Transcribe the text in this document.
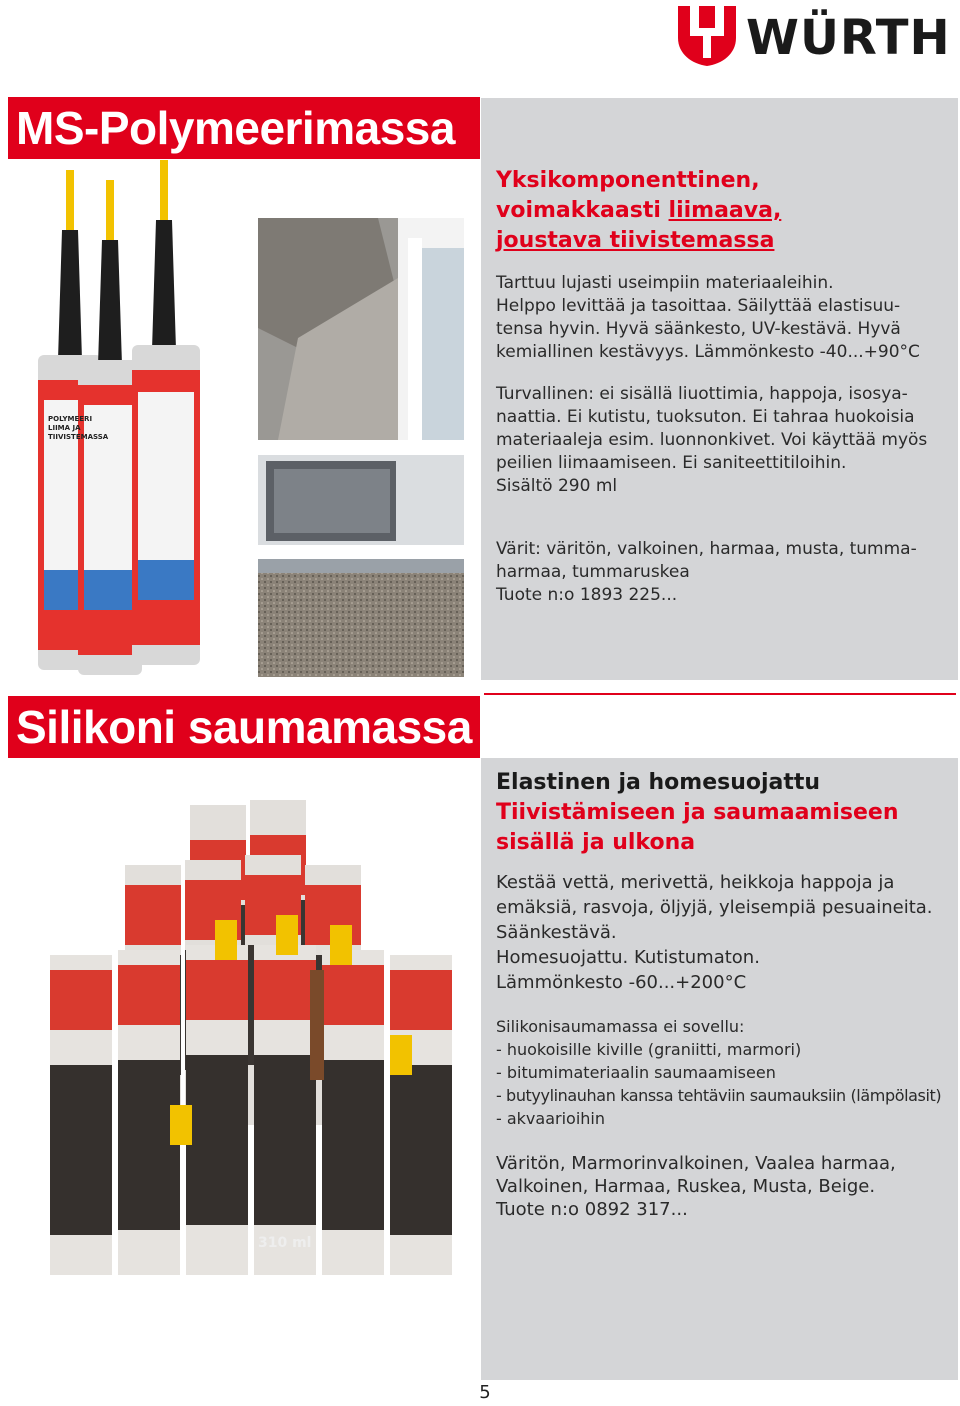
WÜRTH
MS-Polymeerimassa
POLYMEERI
LIIMA JA
TIIVISTEMASSA
Yksikomponenttinen,
voimakkaasti liimaava,
joustava tiivistemassa

Tarttuu lujasti useimpiin materiaaleihin.

Helppo levittää ja tasoittaa. Säilyttää elastisuu-

tensa hyvin. Hyvä säänkesto, UV-kestävä. Hyvä

kemiallinen kestävyys. Lämmönkesto -40...+90°C

Turvallinen: ei sisällä liuottimia, happoja, isosya-

naattia. Ei kutistu, tuoksuton. Ei tahraa huokoisia

materiaaleja esim. luonnonkivet. Voi käyttää myös

peilien liimaamiseen. Ei saniteettitiloihin.

Sisältö 290 ml

Värit: väritön, valkoinen, harmaa, musta, tumma-

harmaa, tummaruskea

Tuote n:o 1893 225...

Silikoni saumamassa
310 ml
Elastinen ja homesuojattu
Tiivistämiseen ja saumaamiseen
sisällä ja ulkona

Kestää vettä, merivettä, heikkoja happoja ja

emäksiä, rasvoja, öljyjä, yleisempiä pesuaineita.

Säänkestävä.

Homesuojattu. Kutistumaton.

Lämmönkesto -60...+200°C

Silikonisaumamassa ei sovellu:

- huokoisille kiville (graniitti, marmori)

- bitumimateriaalin saumaamiseen

- butyylinauhan kanssa tehtäviin saumauksiin (lämpölasit)

- akvaarioihin

Väritön, Marmorinvalkoinen, Vaalea harmaa,

Valkoinen, Harmaa, Ruskea, Musta, Beige.

Tuote n:o 0892 317...

5
